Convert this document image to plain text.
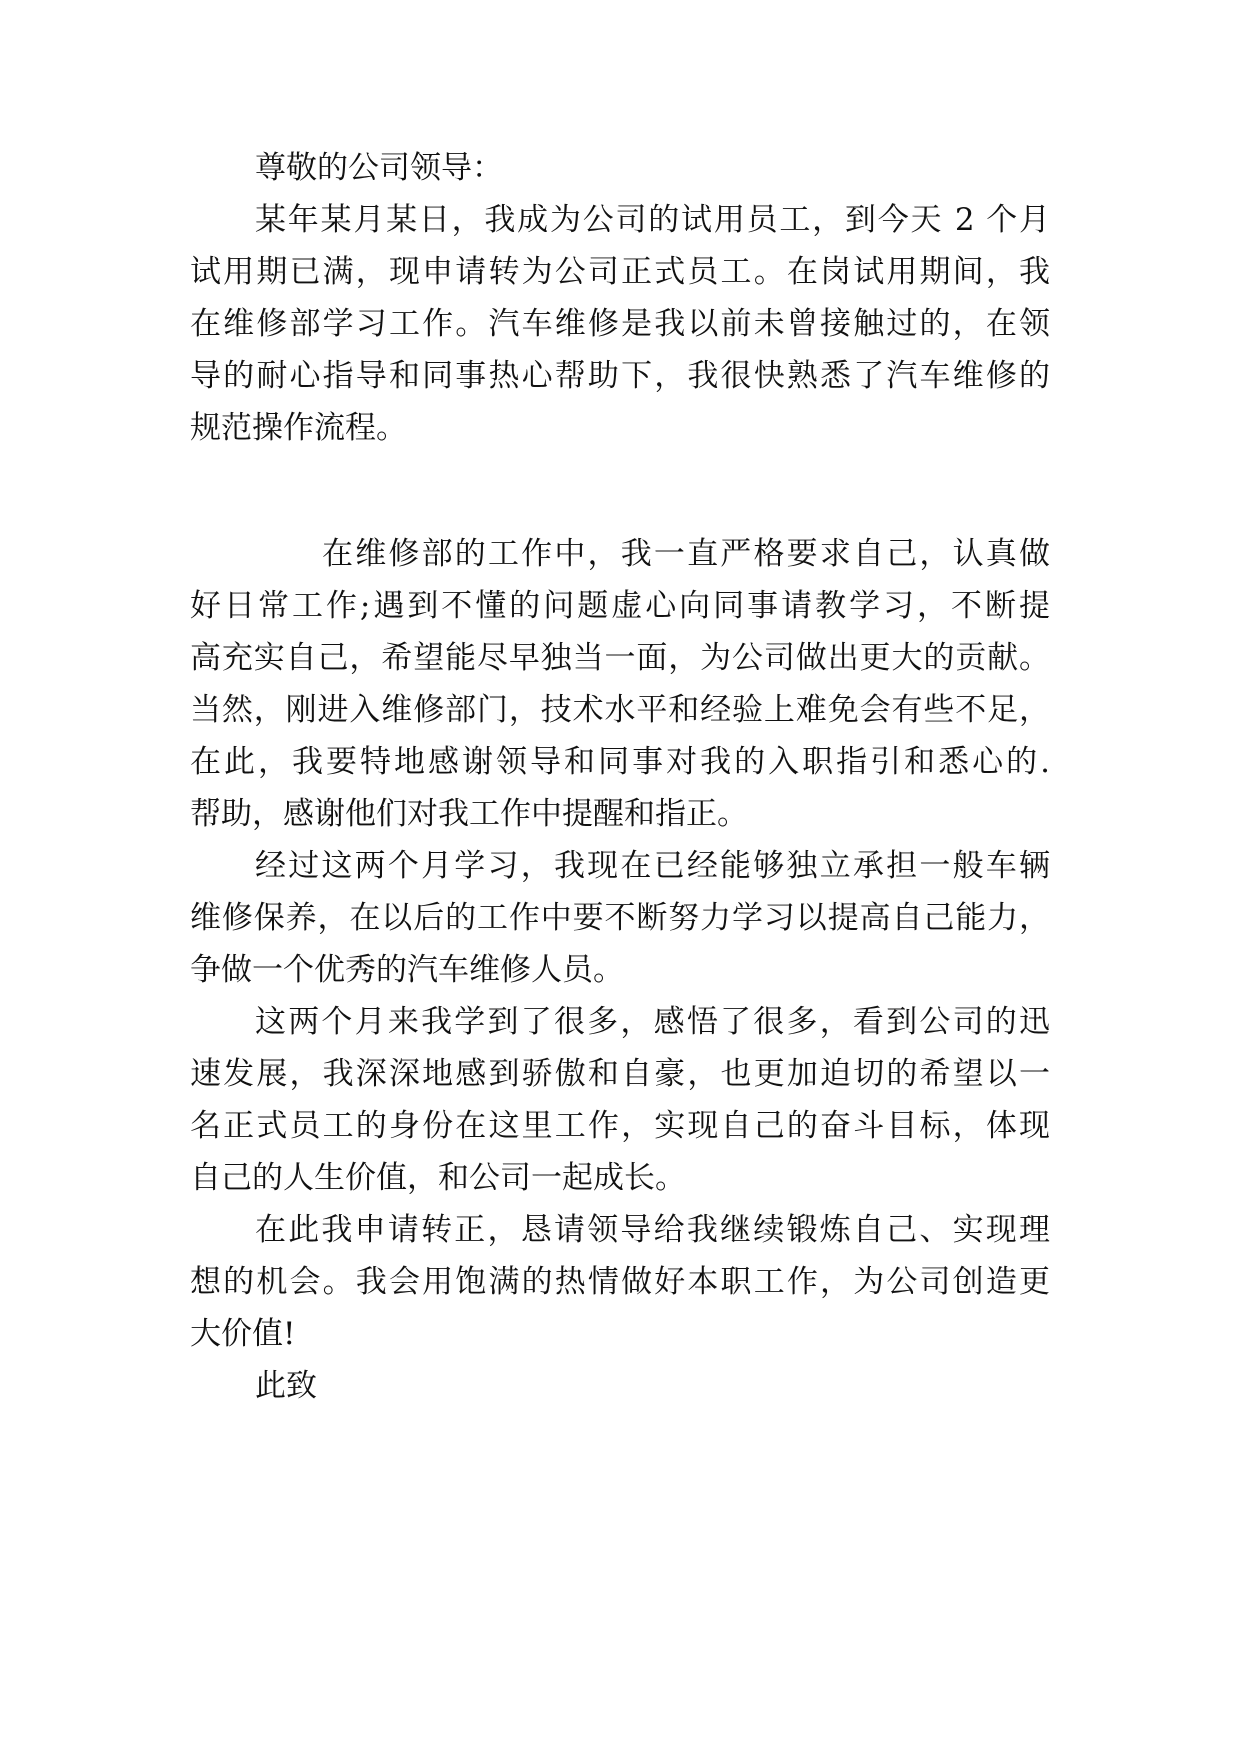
尊敬的公司领导：
某年某月某日，我成为公司的试用员工，到今天 2 个月
试用期已满，现申请转为公司正式员工。在岗试用期间，我
在维修部学习工作。汽车维修是我以前未曾接触过的，在领
导的耐心指导和同事热心帮助下，我很快熟悉了汽车维修的
规范操作流程。
在维修部的工作中，我一直严格要求自己，认真做
好日常工作;遇到不懂的问题虚心向同事请教学习，不断提
高充实自己，希望能尽早独当一面，为公司做出更大的贡献。
当然，刚进入维修部门，技术水平和经验上难免会有些不足，
在此，我要特地感谢领导和同事对我的入职指引和悉心的.
帮助，感谢他们对我工作中提醒和指正。
经过这两个月学习，我现在已经能够独立承担一般车辆
维修保养，在以后的工作中要不断努力学习以提高自己能力，
争做一个优秀的汽车维修人员。
这两个月来我学到了很多，感悟了很多，看到公司的迅
速发展，我深深地感到骄傲和自豪，也更加迫切的希望以一
名正式员工的身份在这里工作，实现自己的奋斗目标，体现
自己的人生价值，和公司一起成长。
在此我申请转正，恳请领导给我继续锻炼自己、实现理
想的机会。我会用饱满的热情做好本职工作，为公司创造更
大价值!
此致
